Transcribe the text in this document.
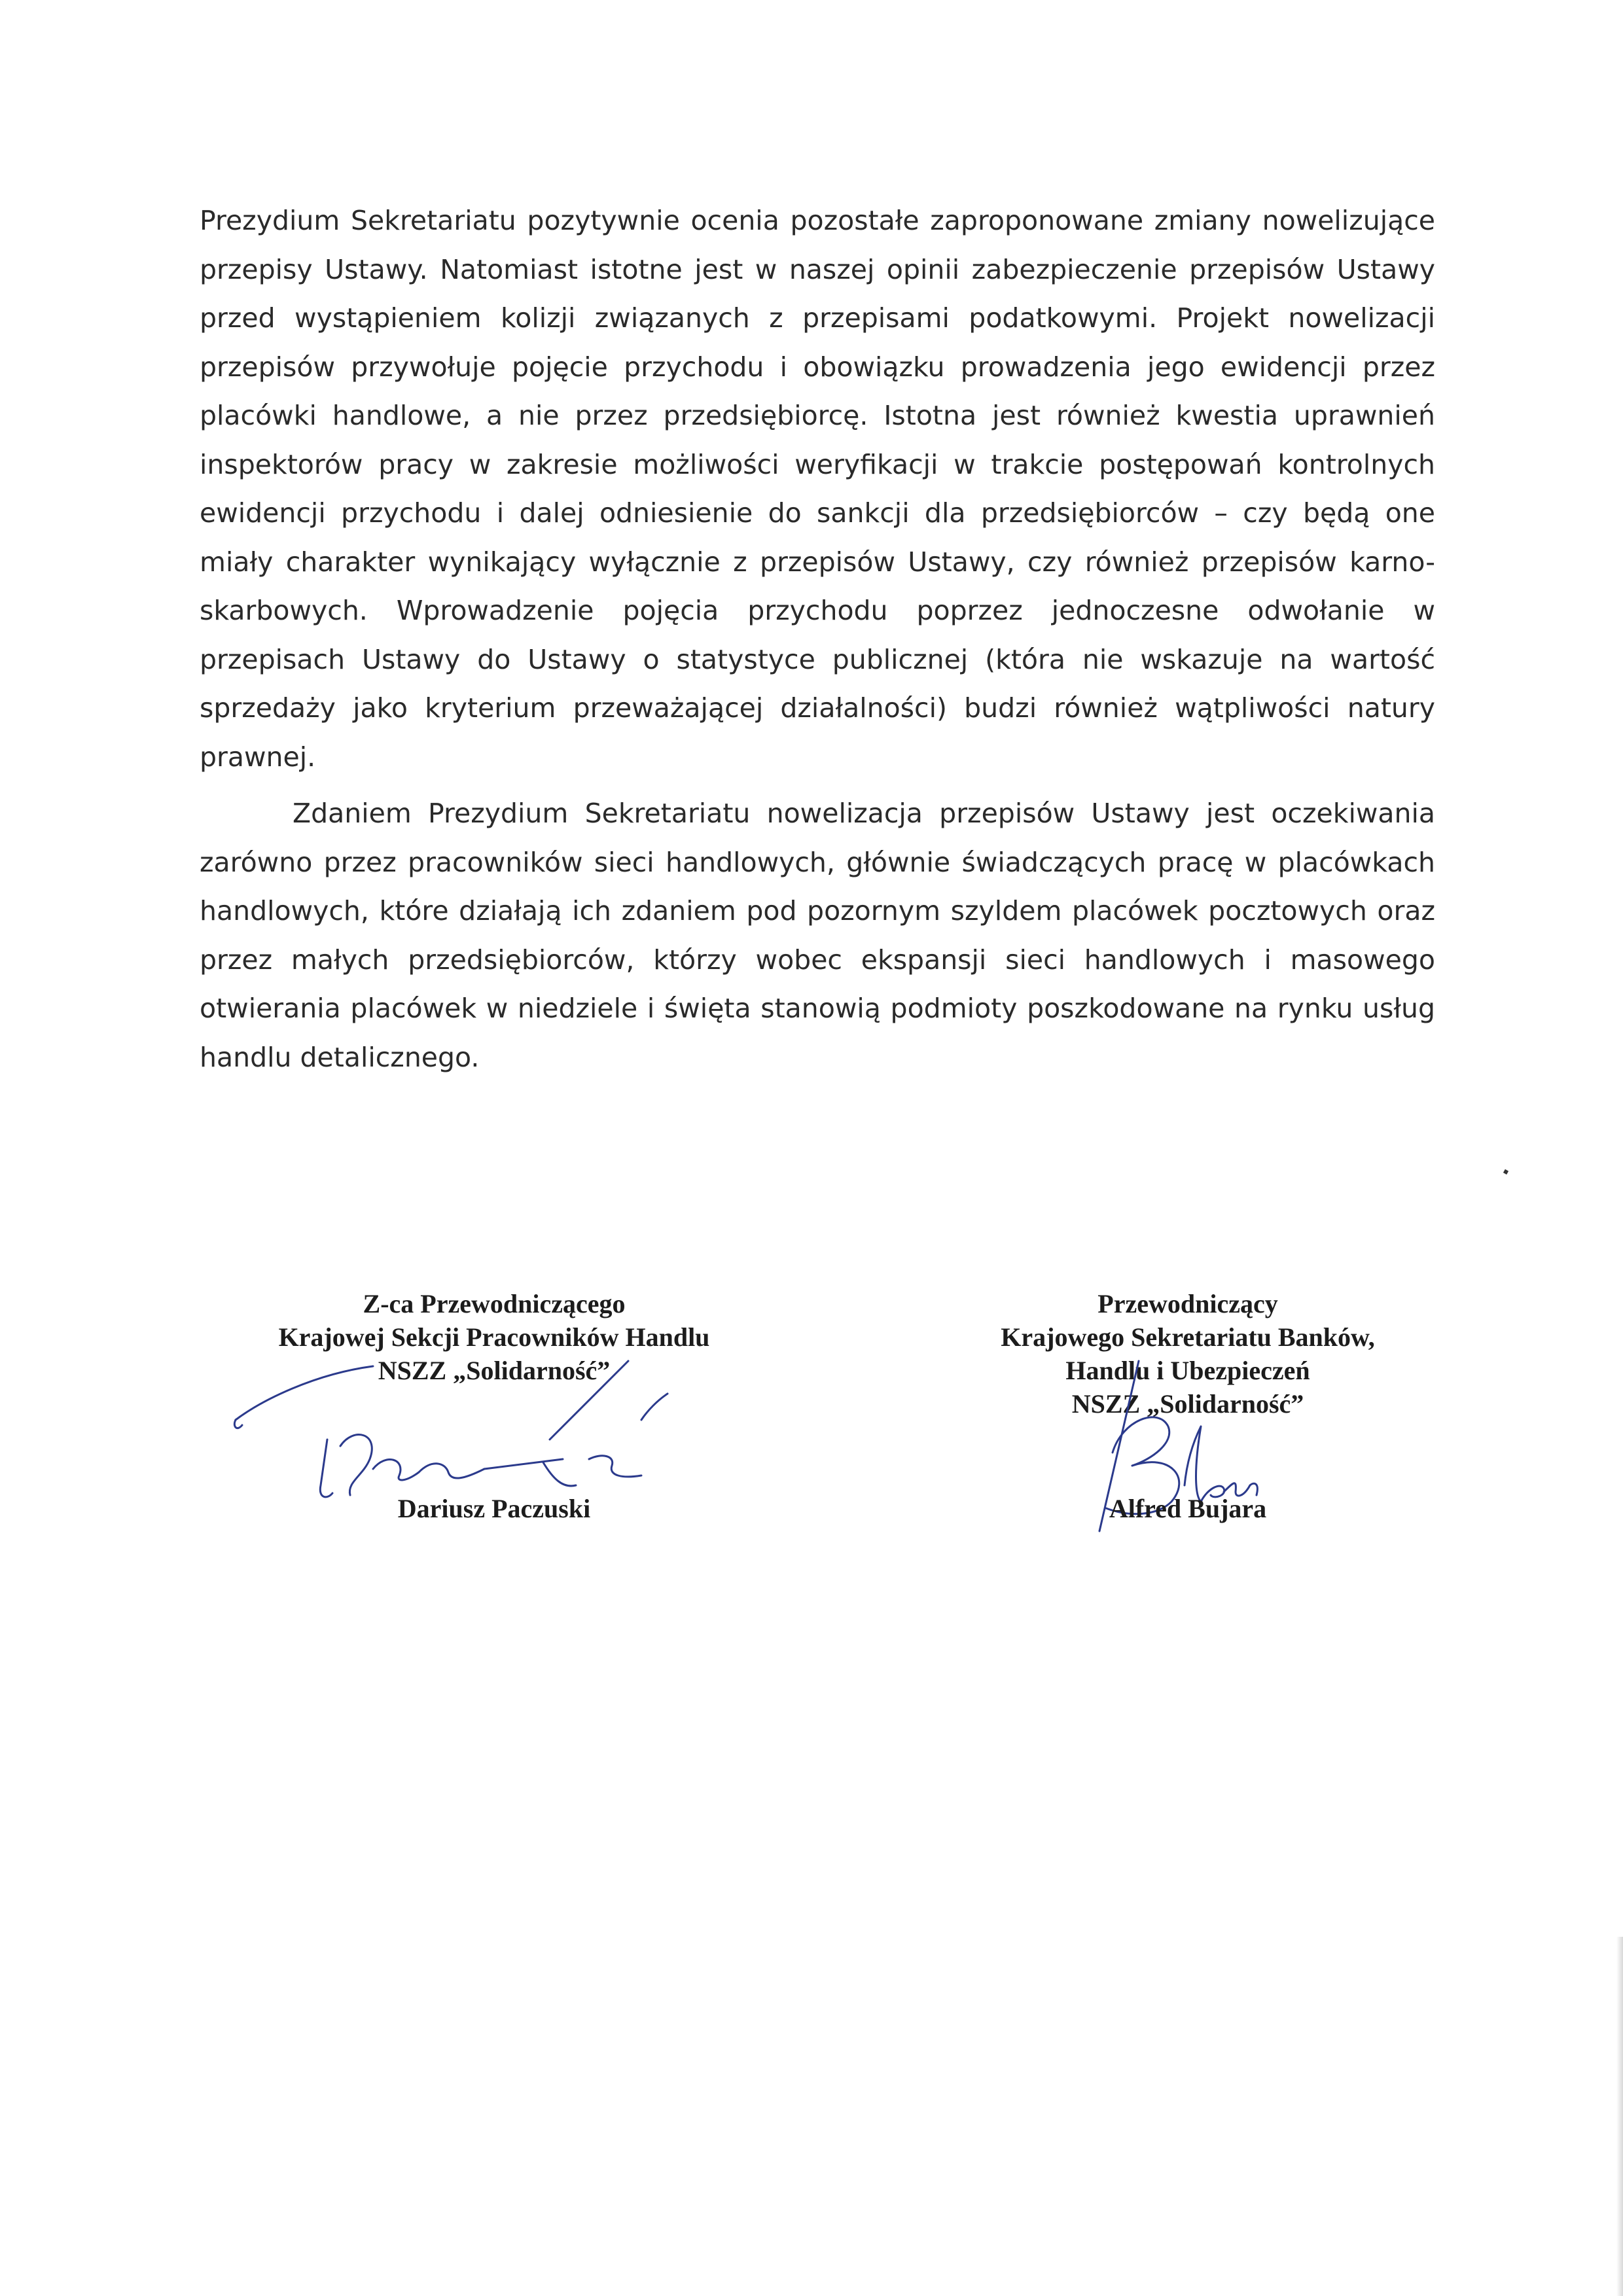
Prezydium Sekretariatu pozytywnie ocenia pozostałe zaproponowane zmiany nowelizujące przepisy Ustawy. Natomiast istotne jest w naszej opinii zabezpieczenie przepisów Ustawy przed wystąpieniem kolizji związanych z przepisami podatkowymi. Projekt nowelizacji przepisów przywołuje pojęcie przychodu i obowiązku prowadzenia jego ewidencji przez placówki handlowe, a nie przez przedsiębiorcę. Istotna jest również kwestia uprawnień inspektorów pracy w zakresie możliwości weryfikacji w trakcie postępowań kontrolnych ewidencji przychodu i dalej odniesienie do sankcji dla przedsiębiorców – czy będą one miały charakter wynikający wyłącznie z przepisów Ustawy, czy również przepisów karno-skarbowych. Wprowadzenie pojęcia przychodu poprzez jednoczesne odwołanie w przepisach Ustawy do Ustawy o statystyce publicznej (która nie wskazuje na wartość sprzedaży jako kryterium przeważającej działalności) budzi również wątpliwości natury prawnej.

Zdaniem Prezydium Sekretariatu nowelizacja przepisów Ustawy jest oczekiwania zarówno przez pracowników sieci handlowych, głównie świadczących pracę w placówkach handlowych, które działają ich zdaniem pod pozornym szyldem placówek pocztowych oraz przez małych przedsiębiorców, którzy wobec ekspansji sieci handlowych i masowego otwierania placówek w niedziele i święta stanowią podmioty poszkodowane na rynku usług handlu detalicznego.

Z-ca Przewodniczącego
Krajowej Sekcji Pracowników Handlu
NSZZ „Solidarność”
Dariusz Paczuski
Przewodniczący
Krajowego Sekretariatu Banków,
Handlu i Ubezpieczeń
NSZZ „Solidarność”
Alfred Bujara
